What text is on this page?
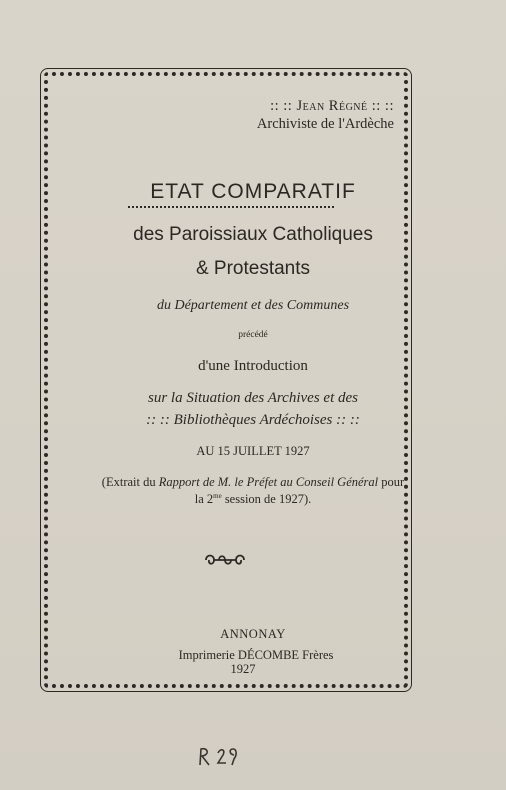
:: :: Jean Régné :: ::
Archiviste de l'Ardèche
ETAT COMPARATIF
des Paroissiaux Catholiques
& Protestants
du Département et des Communes
précédé
d'une Introduction
sur la Situation des Archives et des
:: :: Bibliothèques Ardéchoises :: ::
AU 15 JUILLET 1927
(Extrait du Rapport de M. le Préfet au Conseil Général pour
la $2^{me}$ session de 1927).
ANNONAY
Imprimerie DÉCOMBE Frères
1927
